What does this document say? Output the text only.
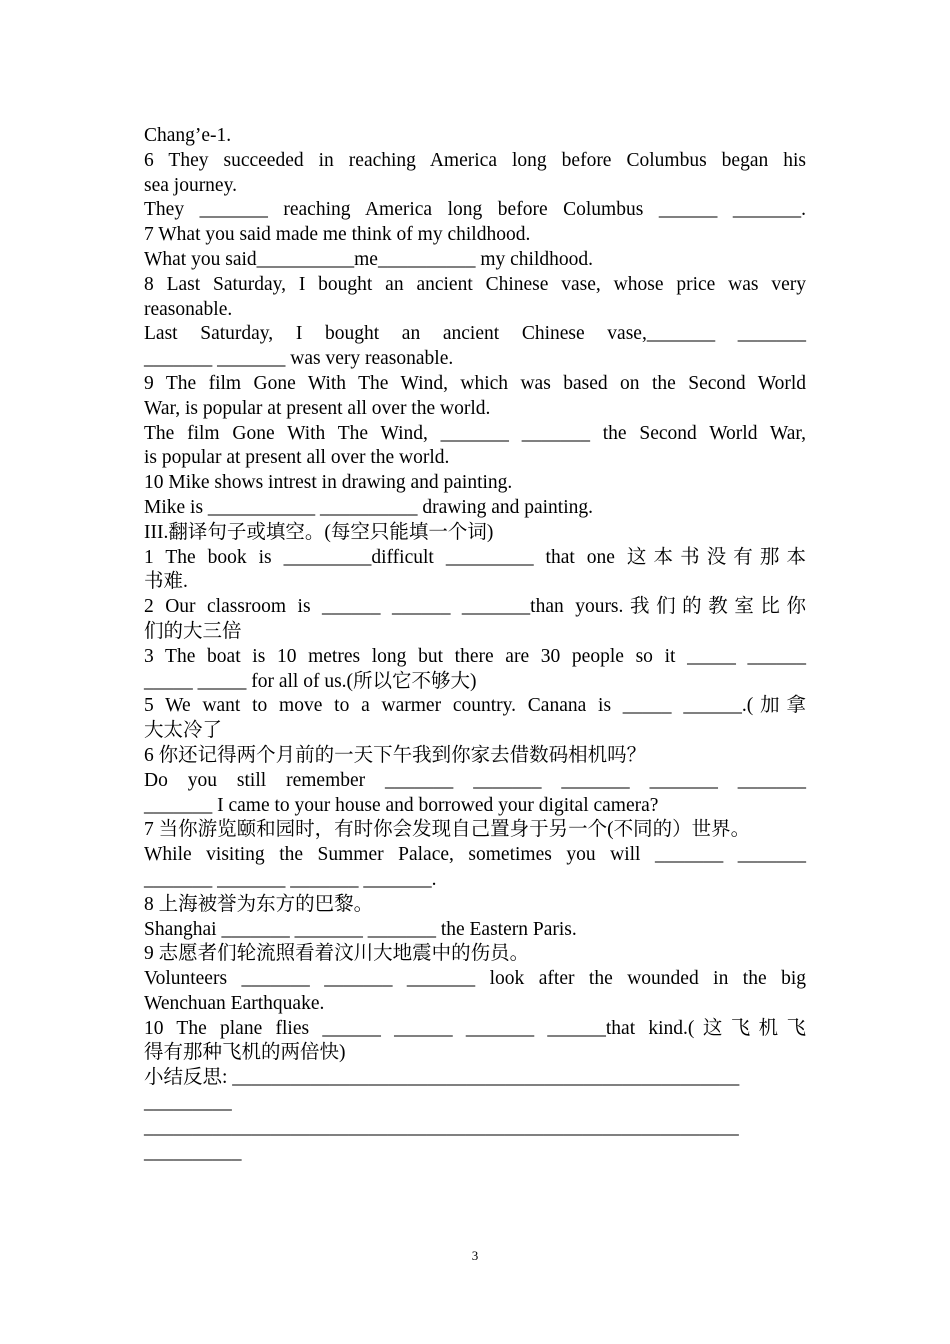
Chang’e-1.
6 They succeeded in reaching America long before Columbus began his
sea journey.
They _______ reaching America long before Columbus ______ _______.
7 What you said made me think of my childhood.
What you said__________me__________ my childhood.
8 Last Saturday, I bought an ancient Chinese vase, whose price was very
reasonable.
Last Saturday, I bought an ancient Chinese vase,_______ _______
_______ _______ was very reasonable.
9 The film Gone With The Wind, which was based on the Second World
War, is popular at present all over the world.
The film Gone With The Wind, _______ _______ the Second World War,
is popular at present all over the world.
10 Mike shows intrest in drawing and painting.
Mike is ___________ __________ drawing and painting.
III.翻译句子或填空。(每空只能填一个词)
1 The book is _________difficult _________ that one 这本书没有那本
书难.
2 Our classroom is ______ ______ _______than yours.我们的教室比你
们的大三倍
3 The boat is 10 metres long but there are 30 people so it _____ ______
_____ _____ for all of us.(所以它不够大)
5 We want to move to a warmer country. Canana is _____ ______.(加拿
大太冷了
6 你还记得两个月前的一天下午我到你家去借数码相机吗？
Do you still remember _______ _______ _______ _______ _______
_______ I came to your house and borrowed your digital camera?
7 当你游览颐和园时，有时你会发现自己置身于另一个(不同的）世界。
While visiting the Summer Palace, sometimes you will _______ _______
_______ _______ _______ _______.
8 上海被誉为东方的巴黎。
Shanghai _______ _______ _______ the Eastern Paris.
9 志愿者们轮流照看着汶川大地震中的伤员。
Volunteers _______ _______ _______ look after the wounded in the big
Wenchuan Earthquake.
10 The plane flies ______ ______ _______ ______that kind.(这飞机飞
得有那种飞机的两倍快)
小结反思: ____________________________________________________
_________
_____________________________________________________________
__________
3
